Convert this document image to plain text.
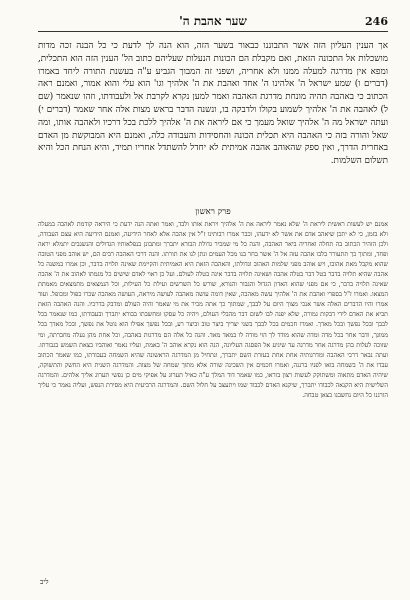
שער אהבת ה'	246
אך הענין העליון הזה אשר התבוננו כבאור בשער הזה, הוא הנה לך לדעת כי כל הבנה זכה מדות מושכלות אל התכונה הזאת, ואם מקבלת הם הכונות הנעלות שעליהם כתוב הל' הענין הזה הוא התכלית, ומפא אין מדרגה למעלה ממנו ולא אחריה, ושפני זה המבוך הגביע ע"ה בעשנת התורה ליחד באמרו (דברים ו) שמע ישראל ה' אלהינו ה' אחד ואהבת את ה' אלהיך וגו' הוא עלי והוא אמור, ואמנם ראה הכתוב כי באהבה תהיה מונחת מדרגת האהבה ואמר למען נקרא לקרבת אל ולעבודתו, וזהו שנאמר (שם ל) לאהבה את ה' אלהיך לשמוע בקולו ולדבקה בו, ונשנה הדבר בראש מצות אלה אחר שאמר (דברים י) ועתה ישראל מה ה' אלהיך שואל מעמך כי אם ליראה את ה' אלהיך ללכת בכל דרכיו ולאהבה אותו, ומה שאל והורה בזה כי האהבה היא תכלית הכונה והחסידות והעבודה כלה, ואמנם היא המבוקשת מן האדם באחרית הדרך, ואין ספק שהאוהב אהבה אמיתית לא יחדל להשתדל אחריו תמיד, והיא הנחת הכל והיא תשלום השלמות.
פרק ראשון
אמנם יש לעשות ראשית ליראת ה' שלא נאמר ליראה את ה' אלהיך ויראת אותו ולבד, ואמר ואתה הנה ידעת כי היראה קודמת לאהבה במעלה ולא בזמן, כי לא יתכן שיאהב אדם את אשר לא ידעהו, וכבר אמרו רבותינו ז"ל אין אהבה אלא לאחר הידיעה, ואמנם הידיעה היא עצם העבודה, ולכן הזהיר הכתוב בה תחלה ואחריה ביאר האהבה, והנה כל מי שמכיר גדולת הבורא יתברך ומתבונן בנפלאותיו הגדולים והנשגבים יתמלא יראה ופחד, ומתוך כך תתעורר בלבו אהבה עזה אל ה' אשר בחר בנו מכל העמים ונתן לנו את תורתו. והנה דרכי האהבה רבים הם, יש אוהב מפני הטובה שהוא מקבל מאת אהובו, ויש אוהב מפני שלמות האהוב וגדולתו, והאהבה הזאת היא האמיתית והקיימת שאינה תלויה בדבר, וכן אמרו במשנה כל אהבה שהיא תלויה בדבר בטל דבר בטלה אהבה ושאינה תלויה בדבר אינה בטלה לעולם. ועל כן ראוי לאדם שישים כל מגמתו לאהוב את ה' אהבה שאינה תלויה בדבר, כי אם מפני שהוא האדון הגדול והגבור והנורא, שורש כל השרשים ועילת כל העילות, וכל הנמצאים מתמצאים מאמתת המצאו. ואמרו ז"ל בספרי ואהבת את ה' אלהיך עשה מאהבה, שאין דומה עושה מאהבה לעושה מיראה, העושה מאהבה שכרו כפול ומכופל. ועוד אמרו והיו הדברים האלה אשר אנכי מצוך היום על לבבך, שמתוך כך אתה מכיר את מי שאמר והיה העולם ומדבק בדרכיו. והנה האהבה הזאת תביא את האדם לידי דבקות גמורה, שלא יפנה לבו לשום דבר מהבלי העולם, ויהיה כל עסקו ומחשבתו בבורא יתברך ובעבודתו, כמו שנאמר בכל לבבך ובכל נפשך ובכל מאדך. ואמרו חכמים בכל לבבך בשני יצריך ביצר טוב וביצר רע, ובכל נפשך אפילו הוא נוטל את נפשך, ובכל מאדך בכל ממונך, ודבר אחר בכל מדה ומדה שהוא מודד לך הוי מודה לו במאד מאד. והנה כל אלה הם מדרגות באהבה, וכל אחת מהן נעלה מחברתה, ומי שזוכה לעלות בהן מדרגה אחר מדרגה עד שיגיע אל הפסגה העליונה, הנה הוא נקרא אוהב ה' באמת, ועליו נאמר ואוהביו כצאת השמש בגבורתו. ועתה נבאר דרכי האהבה ומדרגותיה אחת אחת בעזרת השם יתברך, ונתחיל מן המדרגה הראשונה שהיא השמחה בעבודתו, כמו שאמר הכתוב עבדו את ה' בשמחה בואו לפניו ברננה, ואמרו חכמים אין השכינה שורה אלא מתוך שמחה של מצוה. והמדרגה השנית היא החשק והתשוקה, שיהיה האדם מתאוה ומשתוקק לעשות רצון בוראו, כמו שאמר דוד המלך ע"ה כאיל תערוג על אפיקי מים כן נפשי תערוג אליך אלהים. והמדרגה השלישית היא הקנאה לכבודו יתברך, שיקנא האדם לכבוד שמו ויתעצב על חלול השם. והמדרגה הרביעית היא מסירת הנפש, ועליה נאמר כי עליך הורגנו כל היום נחשבנו כצאן טבחה.
ליב
